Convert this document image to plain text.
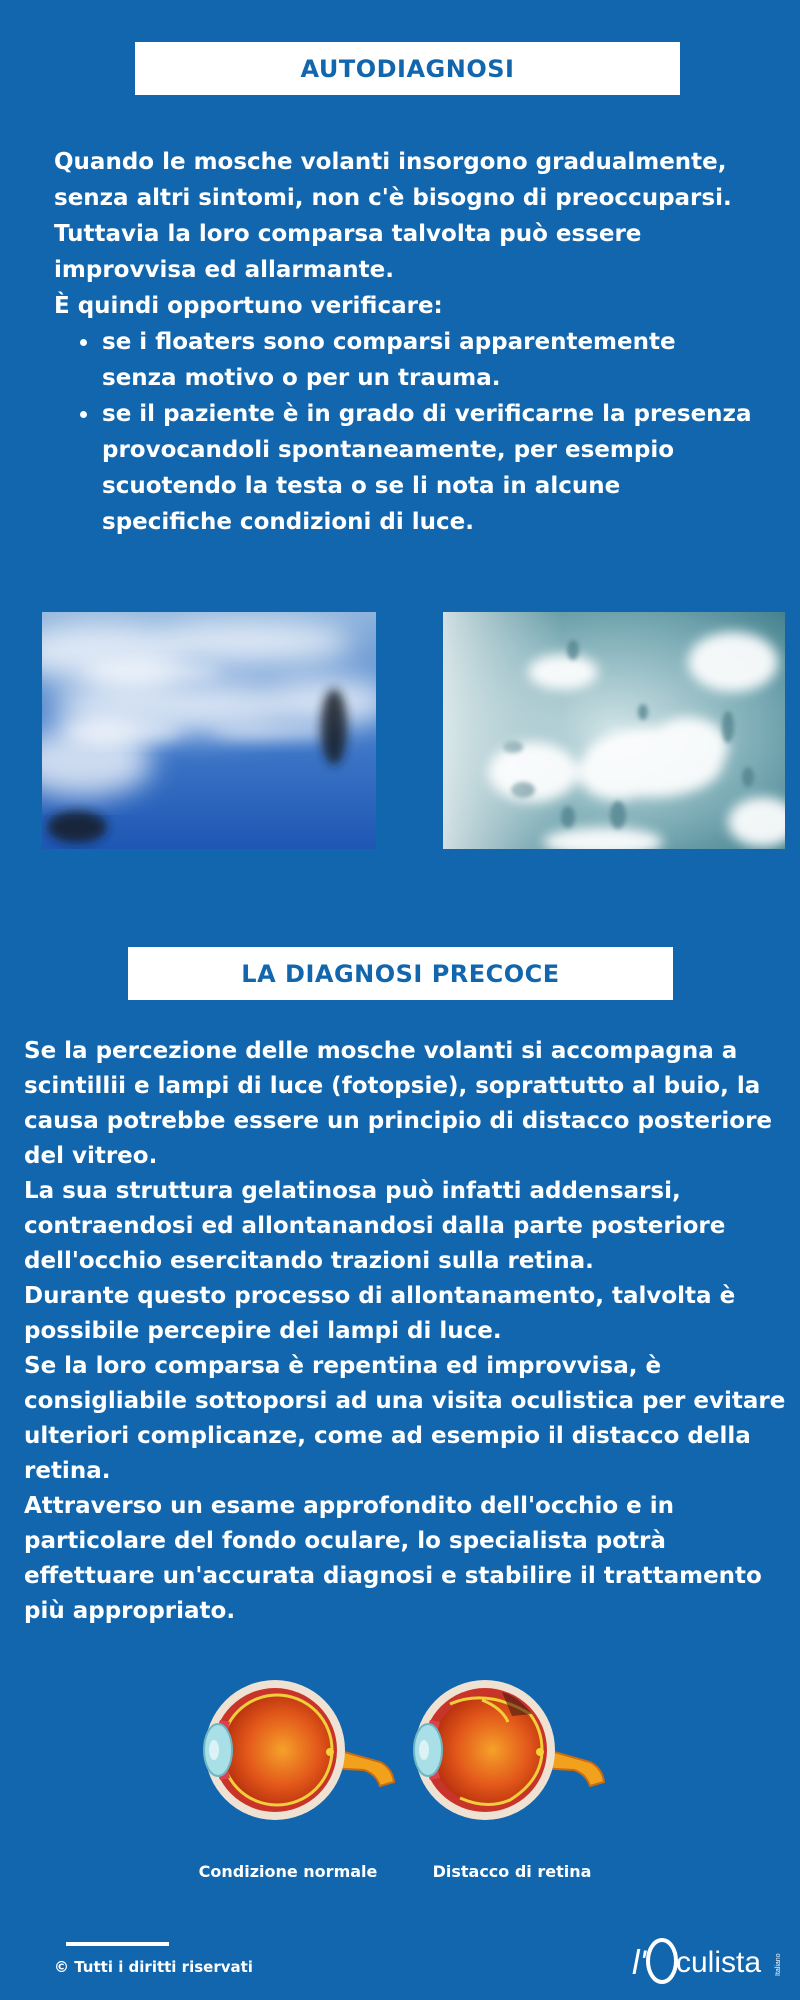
AUTODIAGNOSI

Quando le mosche volanti insorgono gradualmente, senza altri sintomi, non c'è bisogno di preoccuparsi.

Tuttavia la loro comparsa talvolta può essere improvvisa ed allarmante.

È quindi opportuno verificare:

• se i floaters sono comparsi apparentemente senza motivo o per un trauma.
• se il paziente è in grado di verificarne la presenza provocandoli spontaneamente, per esempio scuotendo la testa o se li nota in alcune specifiche condizioni di luce.
LA DIAGNOSI PRECOCE

Se la percezione delle mosche volanti si accompagna a scintillii e lampi di luce (fotopsie), soprattutto al buio, la causa potrebbe essere un principio di distacco posteriore del vitreo.

La sua struttura gelatinosa può infatti addensarsi, contraendosi ed allontanandosi dalla parte posteriore dell'occhio esercitando trazioni sulla retina.

Durante questo processo di allontanamento, talvolta è possibile percepire dei lampi di luce.

Se la loro comparsa è repentina ed improvvisa, è consigliabile sottoporsi ad una visita oculistica per evitare ulteriori complicanze, come ad esempio il distacco della retina.

Attraverso un esame approfondito dell'occhio e in particolare del fondo oculare, lo specialista potrà effettuare un'accurata diagnosi e stabilire il trattamento più appropriato.

Condizione normale	Distacco di retina
© Tutti i diritti riservati	l' culista Italiano
